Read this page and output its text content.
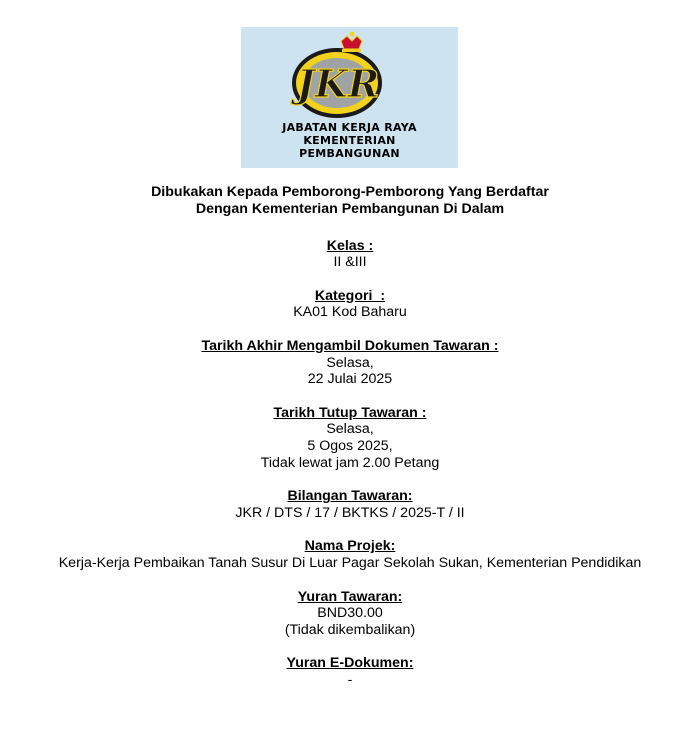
JKR
JABATAN KERJA RAYA
KEMENTERIAN
PEMBANGUNAN
Dibukakan Kepada Pemborong-Pemborong Yang Berdaftar
Dengan Kementerian Pembangunan Di Dalam
Kelas :
II &III
Kategori  :
KA01 Kod Baharu
Tarikh Akhir Mengambil Dokumen Tawaran :
Selasa,
22 Julai 2025
Tarikh Tutup Tawaran :
Selasa,
5 Ogos 2025,
Tidak lewat jam 2.00 Petang
Bilangan Tawaran:
JKR / DTS / 17 / BKTKS / 2025-T / II
Nama Projek:
Kerja-Kerja Pembaikan Tanah Susur Di Luar Pagar Sekolah Sukan, Kementerian Pendidikan
Yuran Tawaran:
BND30.00
(Tidak dikembalikan)
Yuran E-Dokumen:
-
